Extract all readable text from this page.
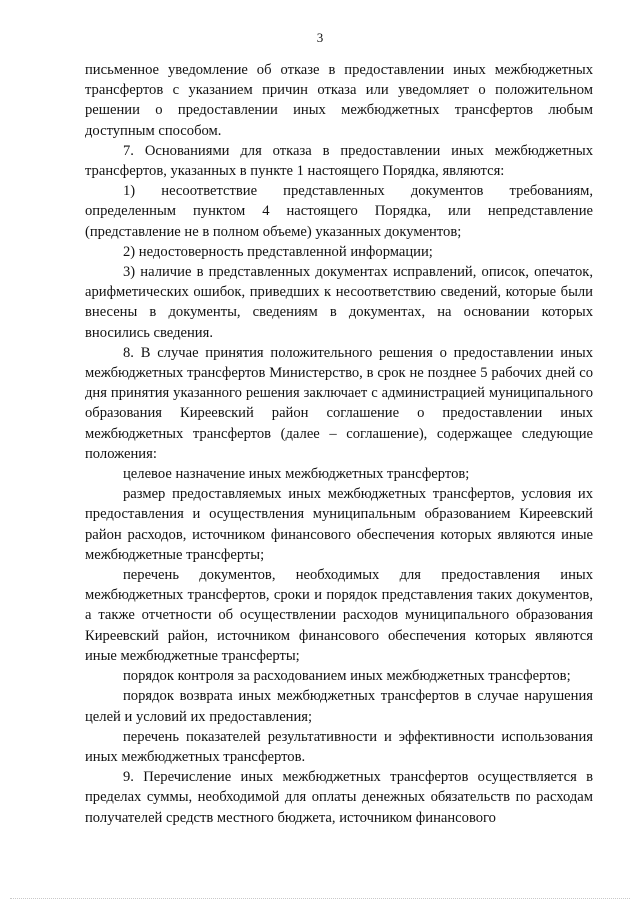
3

письменное уведомление об отказе в предоставлении иных межбюджетных трансфертов с указанием причин отказа или уведомляет о положительном решении о предоставлении иных межбюджетных трансфертов любым доступным способом.

7. Основаниями для отказа в предоставлении иных межбюджетных трансфертов, указанных в пункте 1 настоящего Порядка, являются:

1) несоответствие представленных документов требованиям, определенным пунктом 4 настоящего Порядка, или непредставление (представление не в полном объеме) указанных документов;

2) недостоверность представленной информации;

3) наличие в представленных документах исправлений, описок, опечаток, арифметических ошибок, приведших к несоответствию сведений, которые были внесены в документы, сведениям в документах, на основании которых вносились сведения.

8. В случае принятия положительного решения о предоставлении иных межбюджетных трансфертов Министерство, в срок не позднее 5 рабочих дней со дня принятия указанного решения заключает с администрацией муниципального образования Киреевский район соглашение о предоставлении иных межбюджетных трансфертов (далее – соглашение), содержащее следующие положения:

целевое назначение иных межбюджетных трансфертов;

размер предоставляемых иных межбюджетных трансфертов, условия их предоставления и осуществления муниципальным образованием Киреевский район расходов, источником финансового обеспечения которых являются иные межбюджетные трансферты;

перечень документов, необходимых для предоставления иных межбюджетных трансфертов, сроки и порядок представления таких документов, а также отчетности об осуществлении расходов муниципального образования Киреевский район, источником финансового обеспечения которых являются иные межбюджетные трансферты;

порядок контроля за расходованием иных межбюджетных трансфертов;

порядок возврата иных межбюджетных трансфертов в случае нарушения целей и условий их предоставления;

перечень показателей результативности и эффективности использования иных межбюджетных трансфертов.

9. Перечисление иных межбюджетных трансфертов осуществляется в пределах суммы, необходимой для оплаты денежных обязательств по расходам получателей средств местного бюджета, источником финансового
